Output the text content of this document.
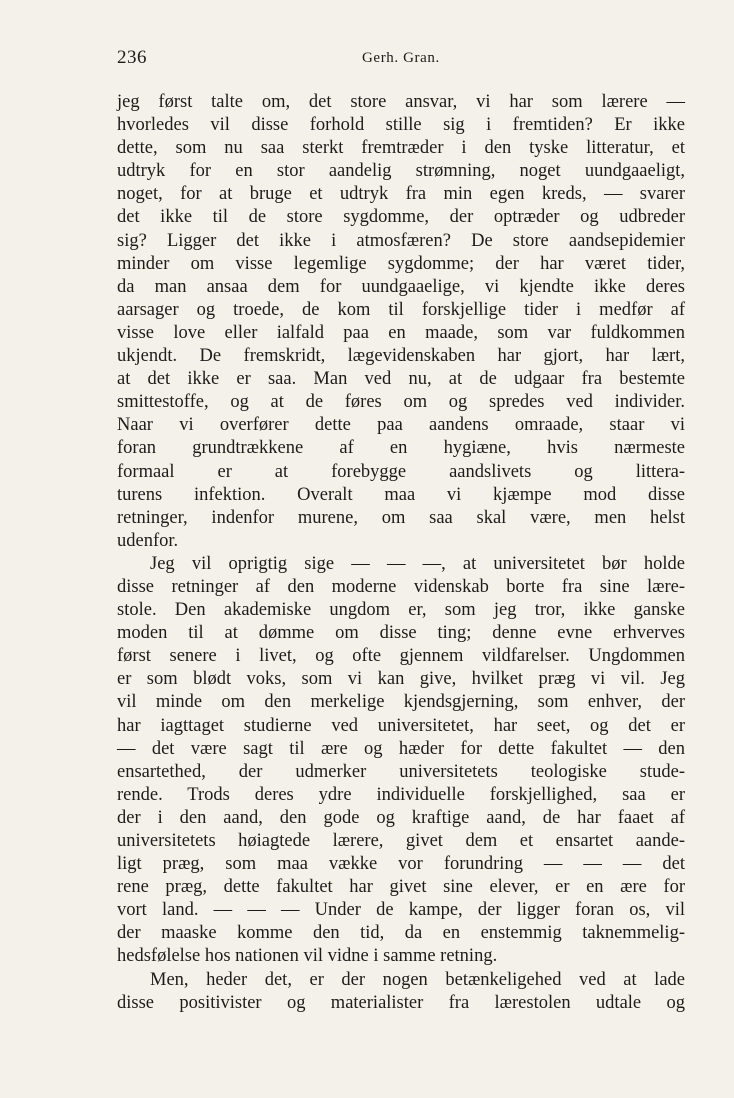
236	Gerh. Gran.
jeg først talte om, det store ansvar, vi har som lærere —
hvorledes vil disse forhold stille sig i fremtiden? Er ikke
dette, som nu saa sterkt fremtræder i den tyske litteratur, et
udtryk for en stor aandelig strømning, noget uundgaaeligt,
noget, for at bruge et udtryk fra min egen kreds, — svarer
det ikke til de store sygdomme, der optræder og udbreder
sig? Ligger det ikke i atmosfæren? De store aandsepidemier
minder om visse legemlige sygdomme; der har været tider,
da man ansaa dem for uundgaaelige, vi kjendte ikke deres
aarsager og troede, de kom til forskjellige tider i medfør af
visse love eller ialfald paa en maade, som var fuldkommen
ukjendt. De fremskridt, lægevidenskaben har gjort, har lært,
at det ikke er saa. Man ved nu, at de udgaar fra bestemte
smittestoffe, og at de føres om og spredes ved individer.
Naar vi overfører dette paa aandens omraade, staar vi
foran grundtrækkene af en hygiæne, hvis nærmeste
formaal er at forebygge aandslivets og littera-
turens infektion. Overalt maa vi kjæmpe mod disse
retninger, indenfor murene, om saa skal være, men helst
udenfor.
Jeg vil oprigtig sige — — —, at universitetet bør holde
disse retninger af den moderne videnskab borte fra sine lære-
stole. Den akademiske ungdom er, som jeg tror, ikke ganske
moden til at dømme om disse ting; denne evne erhverves
først senere i livet, og ofte gjennem vildfarelser. Ungdommen
er som blødt voks, som vi kan give, hvilket præg vi vil. Jeg
vil minde om den merkelige kjendsgjerning, som enhver, der
har iagttaget studierne ved universitetet, har seet, og det er
— det være sagt til ære og hæder for dette fakultet — den
ensartethed, der udmerker universitetets teologiske stude-
rende. Trods deres ydre individuelle forskjellighed, saa er
der i den aand, den gode og kraftige aand, de har faaet af
universitetets høiagtede lærere, givet dem et ensartet aande-
ligt præg, som maa vække vor forundring — — — det
rene præg, dette fakultet har givet sine elever, er en ære for
vort land. — — — Under de kampe, der ligger foran os, vil
der maaske komme den tid, da en enstemmig taknemmelig-
hedsfølelse hos nationen vil vidne i samme retning.
Men, heder det, er der nogen betænkeligehed ved at lade
disse positivister og materialister fra lærestolen udtale og
